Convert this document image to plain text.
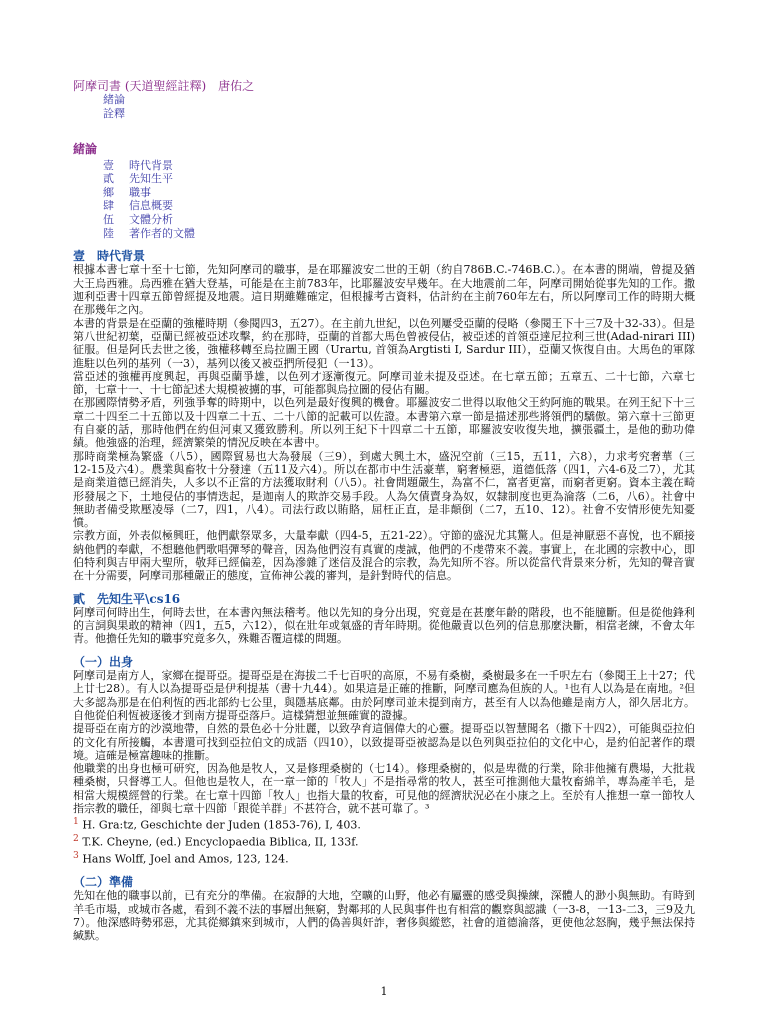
阿摩司書 (天道聖經註釋)　唐佑之
緒論
詮釋
緒論
壹	時代背景
貳	先知生平
鄉	職事
肆	信息概要
伍	文體分析
陸	著作者的文體
壹　時代背景

根據本書七章十至十七節，先知阿摩司的職事，是在耶羅波安二世的王朝（約自786B.C.-746B.C.）。在本書的開端，曾提及猶大王烏西雅。烏西雅在猶大登基，可能是在主前783年，比耶羅波安早幾年。在大地震前二年，阿摩司開始從事先知的工作。撒迦利亞書十四章五節曾經提及地震。這日期雖難確定，但根據考古資料，估計約在主前760年左右，所以阿摩司工作的時期大概在那幾年之內。

本書的背景是在亞蘭的強權時期（參閱四3，五27）。在主前九世紀，以色列屢受亞蘭的侵略（參閱王下十三7及十32‑33）。但是第八世紀初葉，亞蘭已經被亞述攻擊，約在那時，亞蘭的首都大馬色曾被侵佔，被亞述的首領亞達尼拉利三世(Adad-nirari III)征服。但是阿氏去世之後，強權移轉至烏拉圖王國（Urartu, 首領為Argtisti I, Sardur III），亞蘭又恢復自由。大馬色的軍隊進駐以色列的基列（一3），基列以後又被亞捫所侵犯（一13）。

當亞述的強權再度興起，再與亞蘭爭雄，以色列才逐漸復元。阿摩司並未提及亞述。在七章五節；五章五、二十七節，六章七節，七章十一、十七節記述大規模被擄的事，可能都與烏拉圖的侵佔有關。

在那國際情勢矛盾，列強爭奪的時期中，以色列是最好復興的機會。耶羅波安二世得以取他父王約阿施的戰果。在列王紀下十三章二十四至二十五節以及十四章二十五、二十八節的記載可以佐證。本書第六章一節是描述那些將領們的驕傲。第六章十三節更有自豪的話，那時他們在約但河東又獲致勝利。所以列王紀下十四章二十五節，耶羅波安收復失地，擴張疆土，是他的動功偉績。他強盛的治理，經濟繁榮的情況反映在本書中。

那時商業極為繁盛（八5），國際貿易也大為發展（三9），到處大興土木，盛況空前（三15，五11，六8），力求考究奢華（三12‑15及六4）。農業與畜牧十分發達（五11及六4）。所以在都市中生活豪華，窮奢極惡，道德低落（四1，六4‑6及二7），尤其是商業道德已經消失，人多以不正當的方法獲取財利（八5）。社會問題嚴生，為富不仁，富者更富，而窮者更窮。資本主義在畸形發展之下，土地侵佔的事情迭起，是迦南人的欺詐交易手段。人為欠債賣身為奴，奴隸制度也更為淪落（二6，八6）。社會中無助者備受欺壓凌辱（二7，四1，八4）。司法行政以賄賂，屈枉正直，是非顛倒（二7，五10、12）。社會不安情形使先知憂憤。

宗教方面，外表似極興旺，他們獻祭眾多，大量奉獻（四4‑5，五21‑22）。守節的盛況尤其驚人。但是神厭惡不喜悅，也不願接納他們的奉獻，不想聽他們歌唱彈琴的聲音，因為他們沒有真實的虔誠，他們的不虔帶來不義。事實上，在北國的宗教中心，即伯特利與吉甲兩大聖所，敬拜已經偏差，因為滲雜了迷信及混合的宗教，為先知所不容。所以從當代背景來分析，先知的聲音實在十分需要，阿摩司那種嚴正的態度，宣佈神公義的審判，是針對時代的信息。

貳　先知生平\cs16

阿摩司何時出生，何時去世，在本書內無法稽考。他以先知的身分出現，究竟是在甚麼年齡的階段，也不能臆斷。但是從他鋒利的言詞與果敢的精神（四1，五5，六12），似在壯年或氣盛的青年時期。從他嚴責以色列的信息那麼決斷，相當老練，不會太年青。他擔任先知的職事究竟多久，殊難否覆這樣的問題。

（一）出身

阿摩司是南方人，家鄉在提哥亞。提哥亞是在海拔二千七百呎的高原，不易有桑樹，桑樹最多在一千呎左右（參閱王上十27；代上廿七28）。有人以為提哥亞是伊利提基（書十九44）。如果這是正確的推斷，阿摩司應為但族的人。¹也有人以為是在南地。²但大多認為那是在伯利恆的西北部約七公里，與隱基底鄰。由於阿摩司並未提到南方，甚至有人以為他雖是南方人，卻久居北方。自他從伯利恆被逐後才到南方提哥亞落戶。這樣猜想並無確實的證據。

提哥亞在南方的沙漠地帶，自然的景色必十分壯麗，以致孕育這個偉大的心靈。提哥亞以智慧聞名（撒下十四2），可能與亞拉伯的文化有所接觸，本書還可找到亞拉伯文的成語（四10），以致提哥亞被認為是以色列與亞拉伯的文化中心，是約伯記著作的環境。這確是極富趣味的推斷。

他職業的出身也極可研究，因為他是牧人，又是修理桑樹的（七14）。修理桑樹的，似是卑微的行業，除非他擁有農場，大批栽種桑樹，只督導工人。但他也是牧人，在一章一節的「牧人」不是指尋常的牧人，甚至可推測他大量牧畜綿羊，專為產羊毛，是相當大規模經營的行業。在七章十四節「牧人」也指大量的牧畜，可見他的經濟狀況必在小康之上。至於有人推想一章一節牧人指宗教的職任，卻與七章十四節「跟從羊群」不甚符合，就不甚可靠了。³

$^1$ H. Gra:tz, Geschichte der Juden (1853-76), I, 403.
$^2$ T.K. Cheyne, (ed.) Encyclopaedia Biblica, II, 133f.
$^3$ Hans Wolff, Joel and Amos, 123, 124.
（二）準備

先知在他的職事以前，已有充分的準備。在寂靜的大地，空曠的山野，他必有屬靈的感受與操練，深體人的渺小與無助。有時到羊毛市場，或城市各處，看到不義不法的事層出無窮，對鄰邦的人民與事件也有相當的觀察與認識（一3‑8，一13‑二3，三9及九7）。他深感時勢邪惡，尤其從鄉鎮來到城市，人們的偽善與奸詐，奢侈與縱慾，社會的道德淪落，更使他忿怒胸，幾乎無法保持緘默。

1
